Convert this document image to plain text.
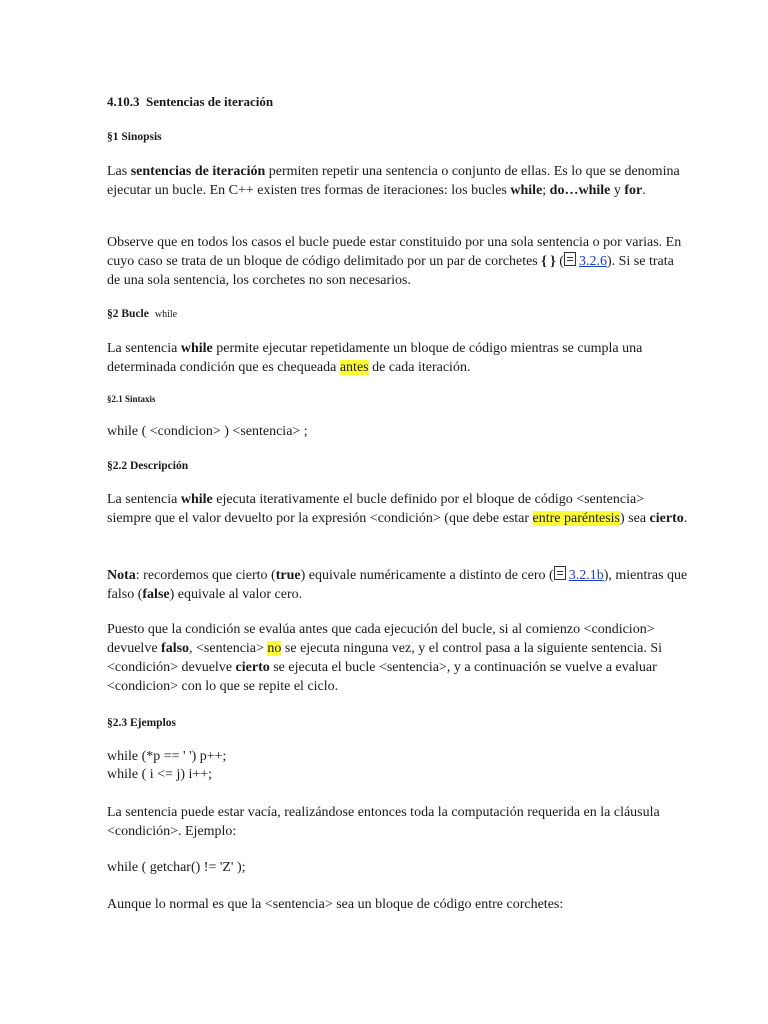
4.10.3 Sentencias de iteración
§1 Sinopsis

Las sentencias de iteración permiten repetir una sentencia o conjunto de ellas. Es lo que se denomina ejecutar un bucle. En C++ existen tres formas de iteraciones: los bucles while; do…while y for.

Observe que en todos los casos el bucle puede estar constituido por una sola sentencia o por varias. En cuyo caso se trata de un bloque de código delimitado por un par de corchetes { } ( 3.2.6). Si se trata de una sola sentencia, los corchetes no son necesarios.

§2 Bucle while

La sentencia while permite ejecutar repetidamente un bloque de código mientras se cumpla una determinada condición que es chequeada antes de cada iteración.

§2.1 Sintaxis
while ( <condicion> ) <sentencia> ;
§2.2 Descripción

La sentencia while ejecuta iterativamente el bucle definido por el bloque de código <sentencia> siempre que el valor devuelto por la expresión <condición> (que debe estar entre paréntesis) sea cierto.

Nota: recordemos que cierto (true) equivale numéricamente a distinto de cero ( 3.2.1b), mientras que falso (false) equivale al valor cero.

Puesto que la condición se evalúa antes que cada ejecución del bucle, si al comienzo <condicion> devuelve falso, <sentencia> no se ejecuta ninguna vez, y el control pasa a la siguiente sentencia. Si <condición> devuelve cierto se ejecuta el bucle <sentencia>, y a continuación se vuelve a evaluar <condicion> con lo que se repite el ciclo.

§2.3 Ejemplos
while (*p == ' ') p++;
while ( i <= j) i++;

La sentencia puede estar vacía, realizándose entonces toda la computación requerida en la cláusula <condición>. Ejemplo:

while ( getchar() != 'Z' );

Aunque lo normal es que la <sentencia> sea un bloque de código entre corchetes:
